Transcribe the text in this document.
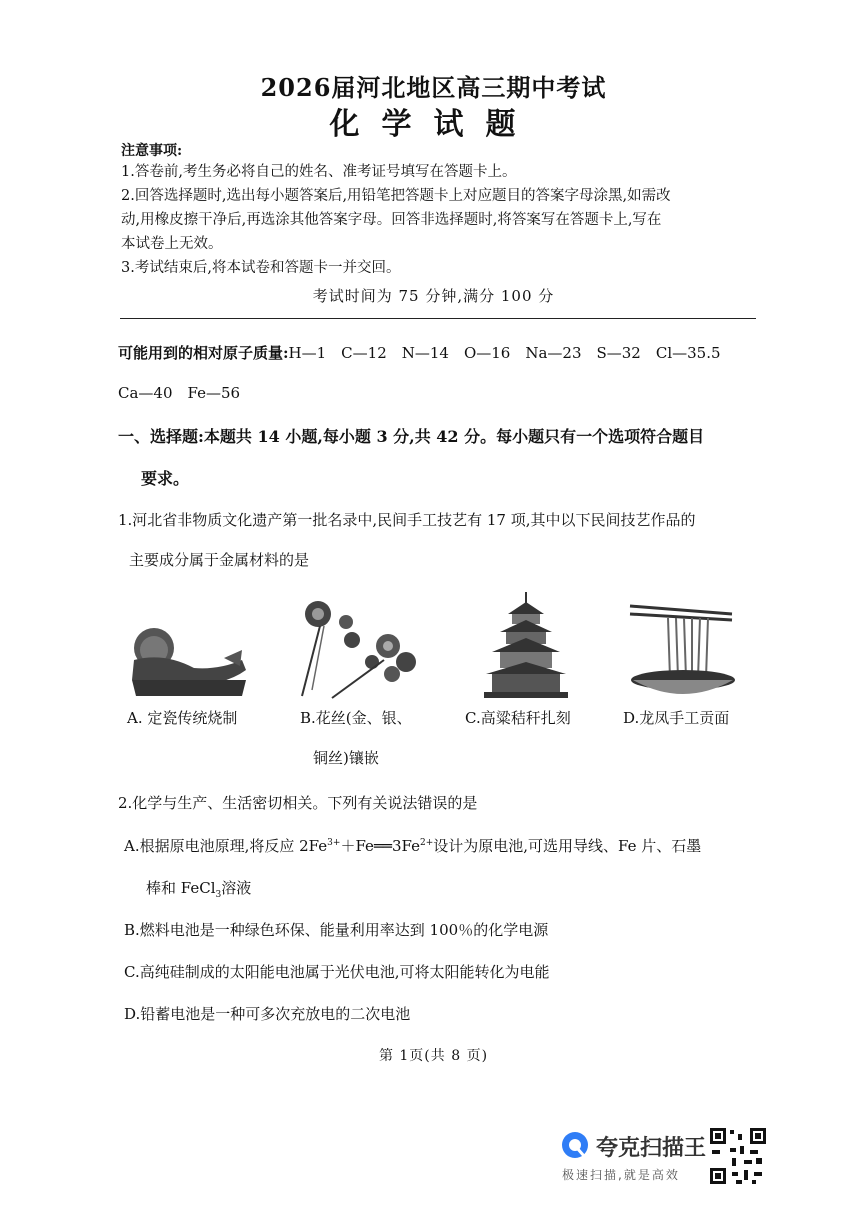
2026届河北地区高三期中考试
化学试题
注意事项:
1.答卷前,考生务必将自己的姓名、准考证号填写在答题卡上。
2.回答选择题时,选出每小题答案后,用铅笔把答题卡上对应题目的答案字母涂黑,如需改
动,用橡皮擦干净后,再选涂其他答案字母。回答非选择题时,将答案写在答题卡上,写在
本试卷上无效。
3.考试结束后,将本试卷和答题卡一并交回。
考试时间为 75 分钟,满分 100 分
可能用到的相对原子质量:H—1　C—12　N—14　O—16　Na—23　S—32　Cl—35.5
Ca—40　Fe—56
一、选择题:本题共 14 小题,每小题 3 分,共 42 分。每小题只有一个选项符合题目
要求。
1.河北省非物质文化遗产第一批名录中,民间手工技艺有 17 项,其中以下民间技艺作品的
主要成分属于金属材料的是
A. 定瓷传统烧制	B.花丝(金、银、
铜丝)镶嵌
C.高粱秸秆扎刻	D.龙凤手工贡面
2.化学与生产、生活密切相关。下列有关说法错误的是
A.根据原电池原理,将反应 $2Fe^{3+}+Fe══3Fe^{2+}$设计为原电池,可选用导线、Fe 片、石墨
棒和 FeCl$_3$溶液
B.燃料电池是一种绿色环保、能量利用率达到 100％的化学电源
C.高纯硅制成的太阳能电池属于光伏电池,可将太阳能转化为电能
D.铅蓄电池是一种可多次充放电的二次电池
第 1页(共 8 页)
夸克扫描王
极速扫描,就是高效
